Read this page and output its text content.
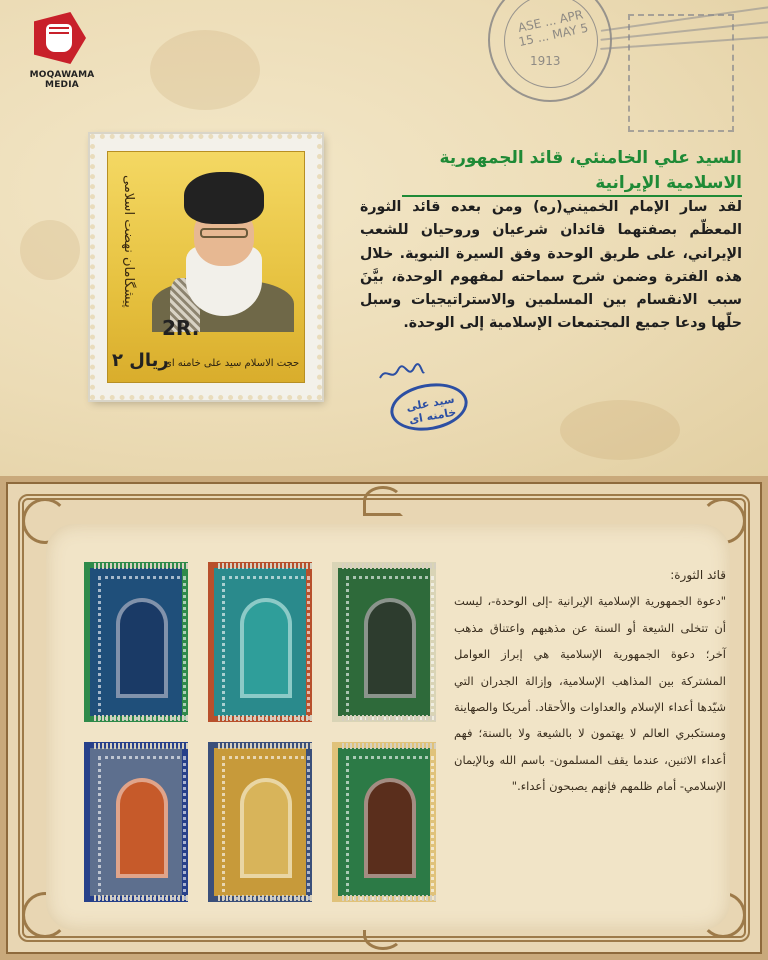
MOQAWAMA MEDIA
ASE ... APR 15 ... MAY 5
1913
پیشگامان نهضت اسلامی
2R.
۲ ریال
حجت الاسلام سید علی خامنه ای
السيد علي الخامنئي، قائد الجمهورية الاسلامية الإيرانية
لقد سار الإمام الخميني(ره) ومن بعده قائد الثورة المعظّم بصفتهما قائدان شرعيان وروحيان للشعب الإيراني، على طريق الوحدة وفق السيرة النبوية. خلال هذه الفترة وضمن شرح سماحته لمفهوم الوحدة، بيَّنَ سبب الانقسام بين المسلمين والاستراتيجيات وسبل حلّها ودعا جميع المجتمعات الإسلامية إلى الوحدة.
سید علی خامنه ای
قائد الثورة:
"دعوة الجمهورية الإسلامية الإيرانية -إلى الوحدة-، ليست أن تتخلى الشيعة أو السنة عن مذهبهم واعتناق مذهب آخر؛ دعوة الجمهورية الإسلامية هي إبراز العوامل المشتركة بين المذاهب الإسلامية، وإزالة الجدران التي شيّدها أعداء الإسلام والعداوات والأحقاد. أمريكا والصهاينة ومستكبري العالم لا يهتمون لا بالشيعة ولا بالسنة؛ فهم أعداء الاثنين، عندما يقف المسلمون- باسم الله وبالإيمان الإسلامي- أمام ظلمهم فإنهم يصبحون أعداء."
